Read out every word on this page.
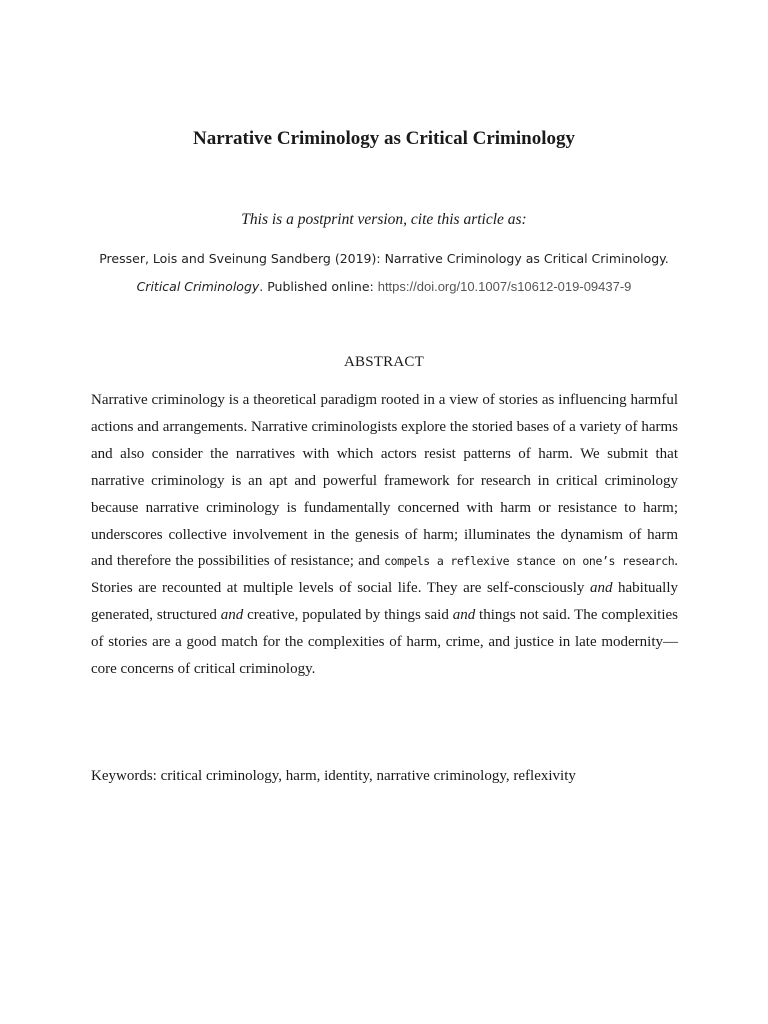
Narrative Criminology as Critical Criminology

This is a postprint version, cite this article as:

Presser, Lois and Sveinung Sandberg (2019): Narrative Criminology as Critical Criminology.

Critical Criminology. Published online: https://doi.org/10.1007/s10612-019-09437-9

ABSTRACT

Narrative criminology is a theoretical paradigm rooted in a view of stories as influencing harmful actions and arrangements. Narrative criminologists explore the storied bases of a variety of harms and also consider the narratives with which actors resist patterns of harm. We submit that narrative criminology is an apt and powerful framework for research in critical criminology because narrative criminology is fundamentally concerned with harm or resistance to harm; underscores collective involvement in the genesis of harm; illuminates the dynamism of harm and therefore the possibilities of resistance; and compels a reflexive stance on one’s research. Stories are recounted at multiple levels of social life. They are self-consciously and habitually generated, structured and creative, populated by things said and things not said. The complexities of stories are a good match for the complexities of harm, crime, and justice in late modernity—core concerns of critical criminology.

Keywords: critical criminology, harm, identity, narrative criminology, reflexivity
